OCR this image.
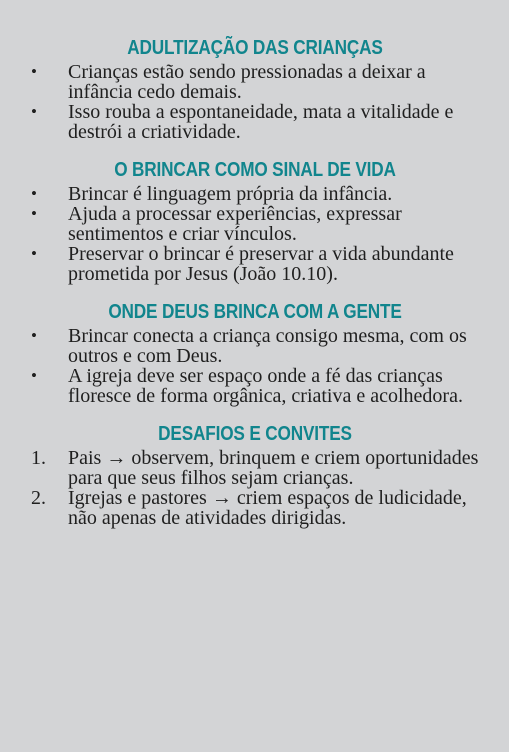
ADULTIZAÇÃO DAS CRIANÇAS
•	Crianças estão sendo pressionadas a deixar a infância cedo demais.
•	Isso rouba a espontaneidade, mata a vitalidade e destrói a criatividade.
O BRINCAR COMO SINAL DE VIDA
•	Brincar é linguagem própria da infância.
•	Ajuda a processar experiências, expressar sentimentos e criar vínculos.
•	Preservar o brincar é preservar a vida abundante prometida por Jesus (João 10.10).
ONDE DEUS BRINCA COM A GENTE
•	Brincar conecta a criança consigo mesma, com os outros e com Deus.
•	A igreja deve ser espaço onde a fé das crianças floresce de forma orgânica, criativa e acolhedora.
DESAFIOS E CONVITES
1.	Pais → observem, brinquem e criem oportunidades para que seus filhos sejam crianças.
2.	Igrejas e pastores → criem espaços de ludicidade, não apenas de atividades dirigidas.
